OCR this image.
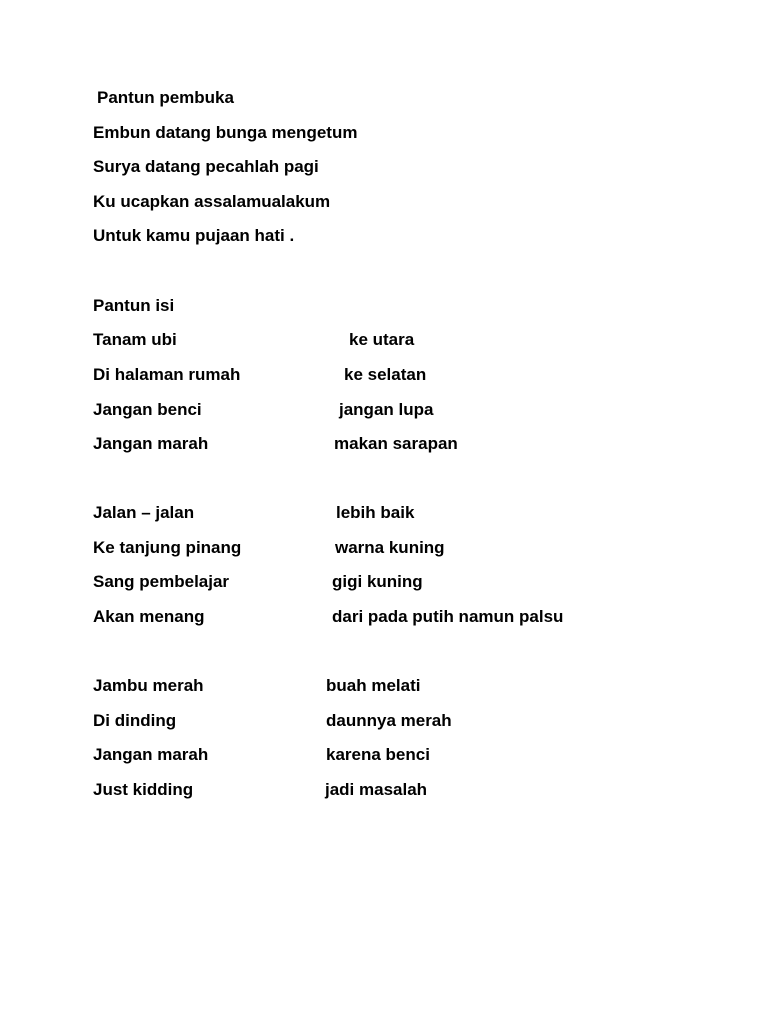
Pantun pembuka
Embun datang bunga mengetum
Surya datang pecahlah pagi
Ku ucapkan assalamualakum
Untuk kamu pujaan hati .
Pantun isi
Tanam ubi	ke utara
Di halaman rumah	ke selatan
Jangan benci	jangan lupa
Jangan marah	makan sarapan
Jalan – jalan	lebih baik
Ke tanjung pinang	warna kuning
Sang pembelajar	gigi kuning
Akan menang	dari pada putih namun palsu
Jambu merah	buah melati
Di dinding	daunnya merah
Jangan marah	karena benci
Just kidding	jadi masalah
